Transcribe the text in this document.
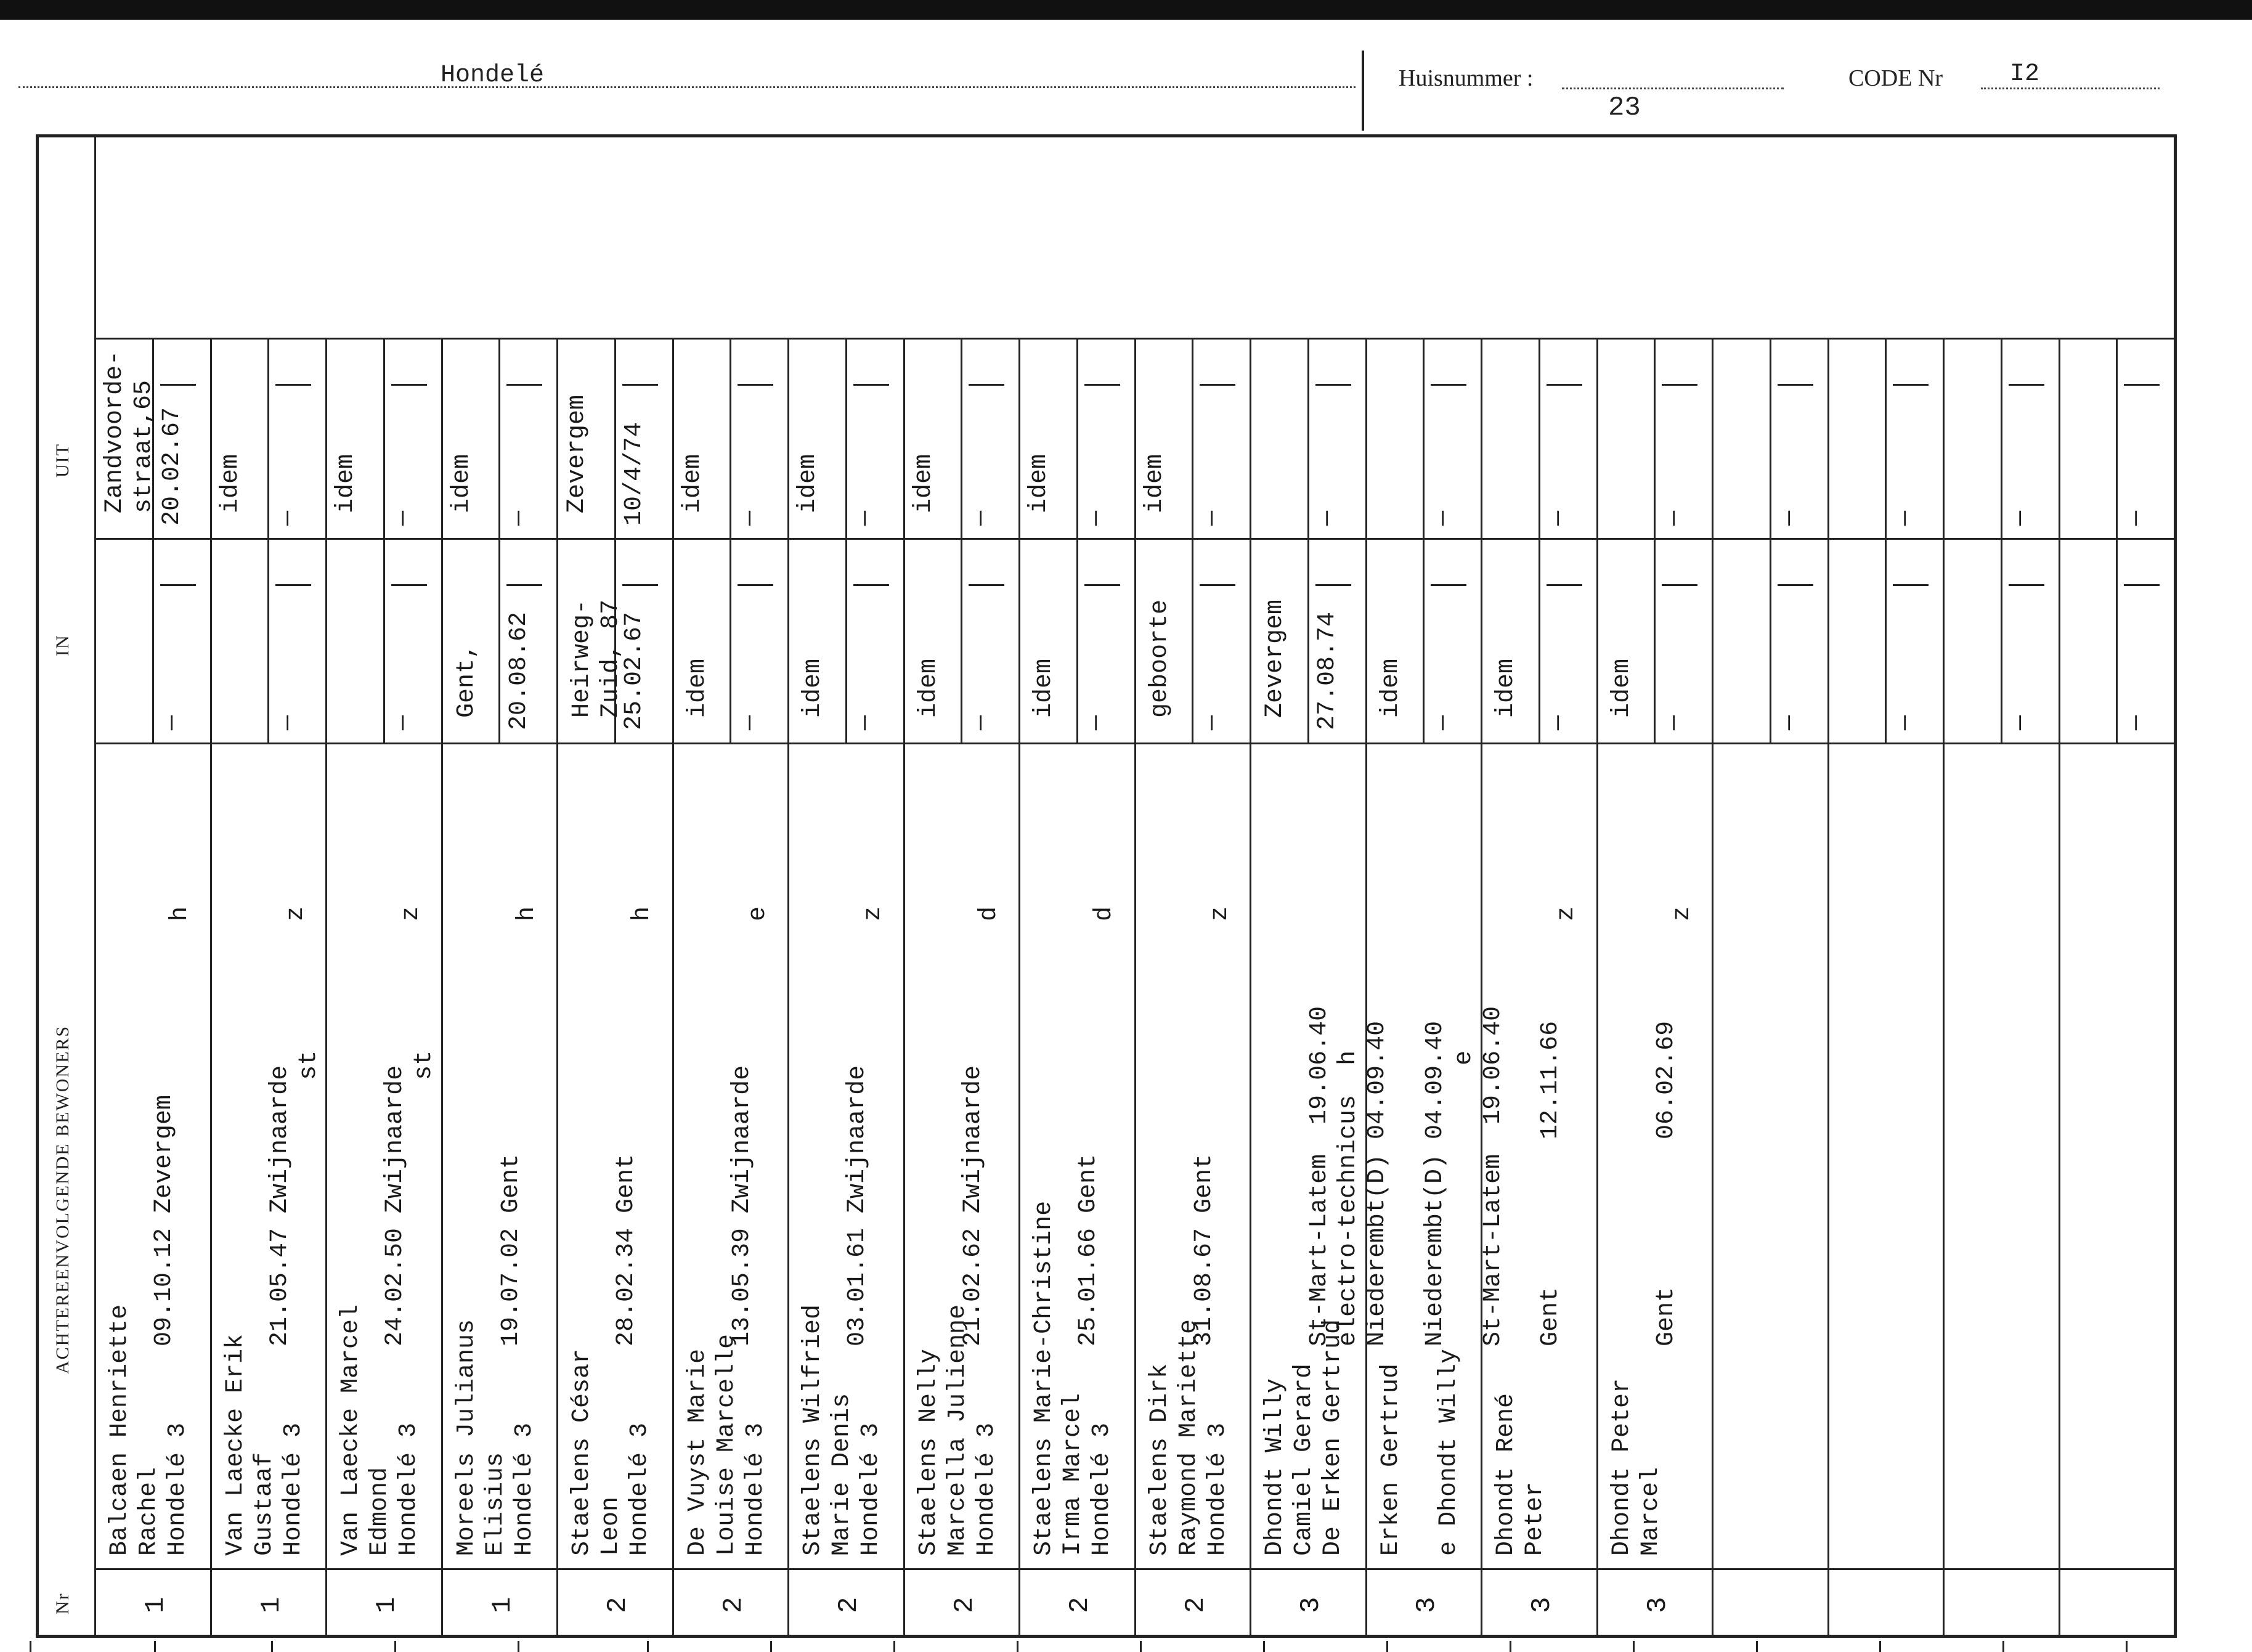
Hondelé	Huisnummer :
23
CODE Nr	I2
UIT
IN
ACHTEREENVOLGENDE BEWONERS
Nr
Zandvoorde-
straat,65 20.02.67
—
Balcaen Henriette
Rachel
Hondelé 3
09.10.12 Zevergem
h
1
idem
—
—
Van Laecke Erik
Gustaaf
Hondelé 3
21.05.47 Zwijnaarde
st
z
1
idem
—
—
Van Laecke Marcel
Edmond
Hondelé 3
24.02.50 Zwijnaarde
st
z
1
idem
—
Gent, 20.08.62
Moreels Julianus
Elisius
Hondelé 3
19.07.02 Gent
h
1
Zevergem 10/4/74
Heirweg-
Zuid, 87
25.02.67
Staelens César
Leon
Hondelé 3
28.02.34 Gent
h
2
idem
—
idem
—
De Vuyst Marie
Louise Marcelle
Hondelé 3
13.05.39 Zwijnaarde
e
2
idem
—
idem
—
Staelens Wilfried
Marie Denis
Hondelé 3
03.01.61 Zwijnaarde
z
2
idem
—
idem
—
Staelens Nelly
Marcella Julienne
Hondelé 3
21.02.62 Zwijnaarde
d
2
idem
—
idem
—
Staelens Marie-Christine
Irma Marcel
Hondelé 3
25.01.66 Gent
d
2
idem
—
geboorte
—
Staelens Dirk
Raymond Mariette
Hondelé 3
31.08.67 Gent
z
2
—
Zevergem 27.08.74
Dhondt Willy
Camiel Gerard
De Erken Gertrud
St-Mart-Latem  19.06.40
electro-technicus  h
Niederembt(D) 04.09.40
3
—
idem
—
Erken Gertrud

e Dhondt Willy
Niederembt(D) 04.09.40
e
St-Mart-Latem  19.06.40
3
—
idem
—
Dhondt René
Peter
Gent          12.11.66
z
3
—
idem
—
Dhondt Peter
Marcel
Gent          06.02.69
z
3
—
—
—
—
—
—
—
—
